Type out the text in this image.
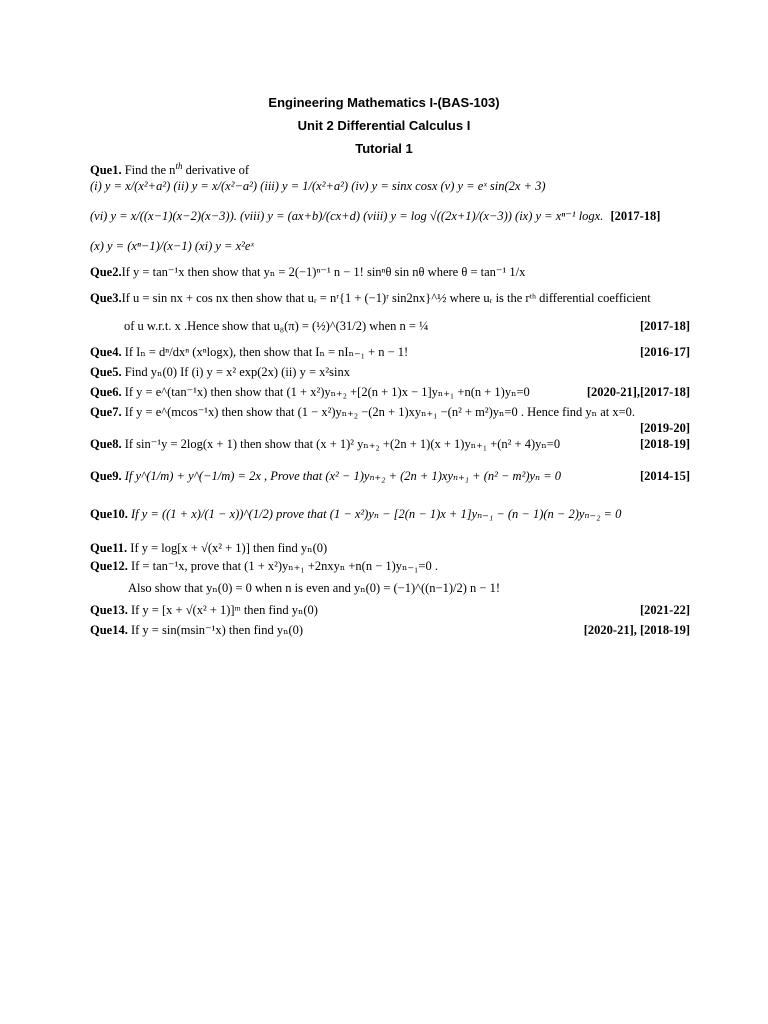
Engineering Mathematics I-(BAS-103)
Unit 2 Differential Calculus I
Tutorial 1
Que1. Find the $n^{th}$ derivative of
(i) y = x/(x²+a²) (ii) y = x/(x²−a²) (iii) y = 1/(x²+a²) (iv) y = sinx cosx (v) y = eˣ sin(2x + 3)
(vi) y = x/((x−1)(x−2)(x−3)). (viii) y = (ax+b)/(cx+d) (viii) y = log √((2x+1)/(x−3)) (ix) y = xⁿ⁻¹ logx. [2017-18]
(x) y = (xⁿ−1)/(x−1) (xi) y = x²eˣ
Que2.If y = tan⁻¹x then show that yₙ = 2(−1)ⁿ⁻¹ n − 1! sinⁿθ sin nθ where θ = tan⁻¹ 1/x
Que3.If u = sin nx + cos nx then show that uᵣ = nʳ{1 + (−1)ʳ sin2nx}^½ where uᵣ is the rᵗʰ differential coefficient
of u w.r.t. x .Hence show that u₈(π) = (½)^(31/2) when n = ¼	[2017-18]
Que4. If Iₙ = dⁿ/dxⁿ (xⁿlogx), then show that Iₙ = nIₙ₋₁ + n − 1!	[2016-17]
Que5. Find yₙ(0) If (i) y = x² exp(2x) (ii) y = x²sinx
Que6. If y = e^(tan⁻¹x) then show that (1 + x²)yₙ₊₂ +[2(n + 1)x − 1]yₙ₊₁ +n(n + 1)yₙ=0	[2020-21],[2017-18]
Que7. If y = e^(mcos⁻¹x) then show that (1 − x²)yₙ₊₂ −(2n + 1)xyₙ₊₁ −(n² + m²)yₙ=0 . Hence find yₙ at x=0.
[2019-20]
Que8. If sin⁻¹y = 2log(x + 1) then show that (x + 1)² yₙ₊₂ +(2n + 1)(x + 1)yₙ₊₁ +(n² + 4)yₙ=0	[2018-19]
Que9. If y^(1/m) + y^(−1/m) = 2x , Prove that (x² − 1)yₙ₊₂ + (2n + 1)xyₙ₊₁ + (n² − m²)yₙ = 0	[2014-15]
Que10. If y = ((1 + x)/(1 − x))^(1/2) prove that (1 − x²)yₙ − [2(n − 1)x + 1]yₙ₋₁ − (n − 1)(n − 2)yₙ₋₂ = 0
Que11. If y = log[x + √(x² + 1)] then find yₙ(0)
Que12. If = tan⁻¹x, prove that (1 + x²)yₙ₊₁ +2nxyₙ +n(n − 1)yₙ₋₁=0 .
Also show that yₙ(0) = 0 when n is even and yₙ(0) = (−1)^((n−1)/2) n − 1!
Que13. If y = [x + √(x² + 1)]ᵐ then find yₙ(0)	[2021-22]
Que14. If y = sin(msin⁻¹x) then find yₙ(0)	[2020-21], [2018-19]
